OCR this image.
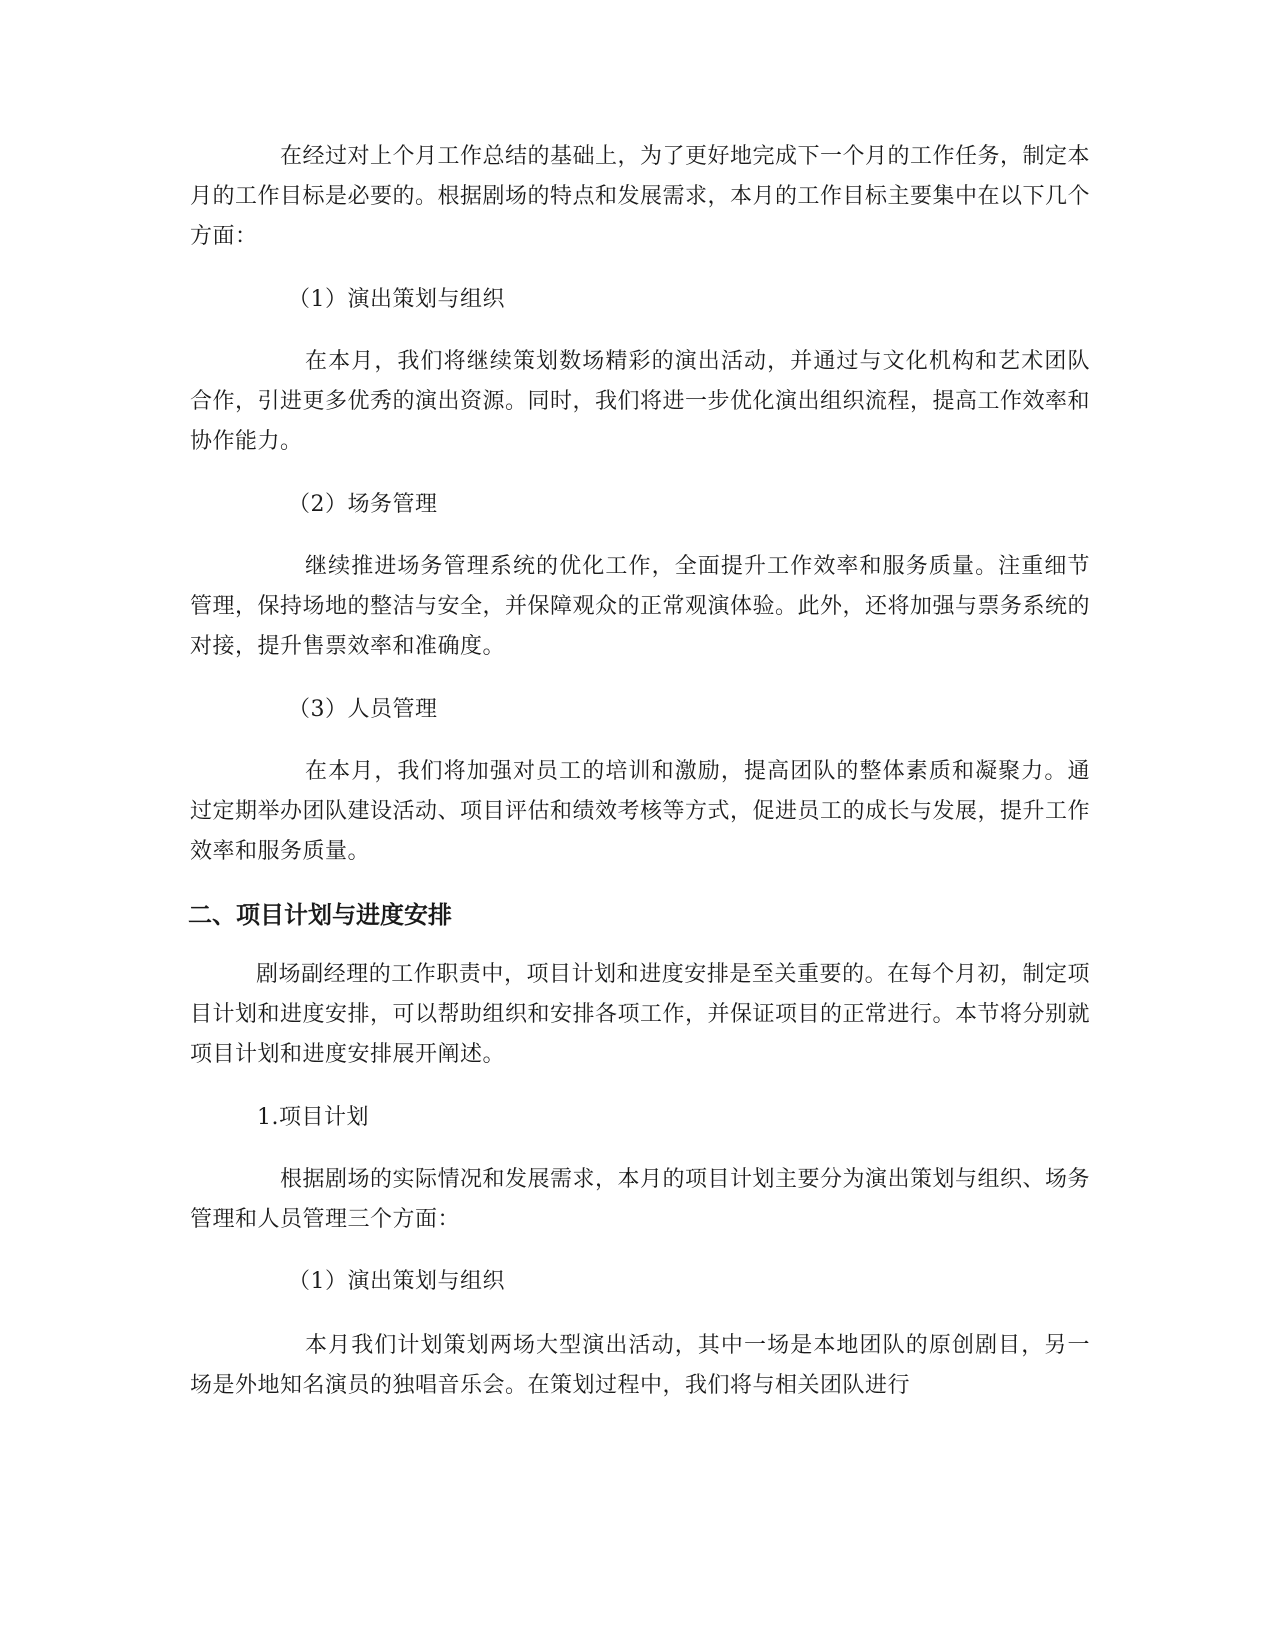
在经过对上个月工作总结的基础上，为了更好地完成下一个月的工作任务，制定本月的工作目标是必要的。根据剧场的特点和发展需求，本月的工作目标主要集中在以下几个方面：

（1）演出策划与组织

在本月，我们将继续策划数场精彩的演出活动，并通过与文化机构和艺术团队合作，引进更多优秀的演出资源。同时，我们将进一步优化演出组织流程，提高工作效率和协作能力。

（2）场务管理

继续推进场务管理系统的优化工作，全面提升工作效率和服务质量。注重细节管理，保持场地的整洁与安全，并保障观众的正常观演体验。此外，还将加强与票务系统的对接，提升售票效率和准确度。

（3）人员管理

在本月，我们将加强对员工的培训和激励，提高团队的整体素质和凝聚力。通过定期举办团队建设活动、项目评估和绩效考核等方式，促进员工的成长与发展，提升工作效率和服务质量。

二、项目计划与进度安排

剧场副经理的工作职责中，项目计划和进度安排是至关重要的。在每个月初，制定项目计划和进度安排，可以帮助组织和安排各项工作，并保证项目的正常进行。本节将分别就项目计划和进度安排展开阐述。

1.项目计划

根据剧场的实际情况和发展需求，本月的项目计划主要分为演出策划与组织、场务管理和人员管理三个方面：

（1）演出策划与组织

本月我们计划策划两场大型演出活动，其中一场是本地团队的原创剧目，另一场是外地知名演员的独唱音乐会。在策划过程中，我们将与相关团队进行
